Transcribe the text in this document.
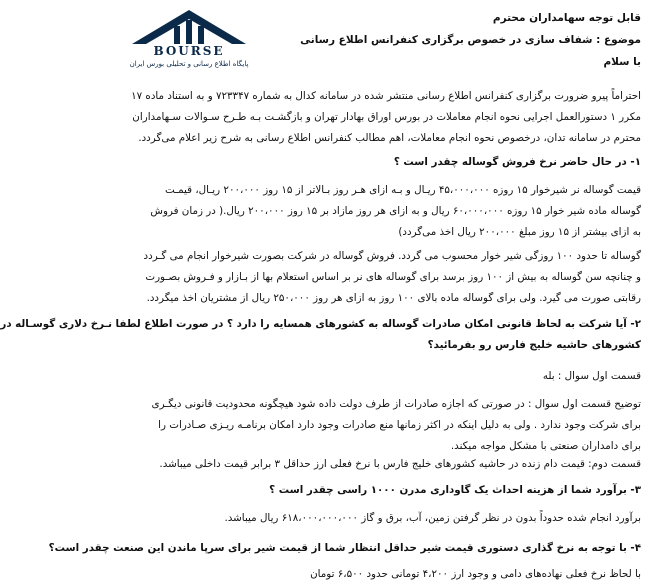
BOURSE
پایگاه اطلاع رسانی و تحلیلی بورس ایران
قابل توجه سهامداران محترم
موضوع : شفاف سازی در خصوص برگزاری کنفرانس اطلاع رسانی
با سلام
احتراماً پیرو ضرورت برگزاری کنفرانس اطلاع رسانی منتشر شده در سامانه کدال به شماره ۷۲۳۳۴۷ و به استناد ماده ۱۷
مکرر ۱ دستورالعمل اجرایی نحوه انجام معاملات در بورس اوراق بهادار تهران و بازگشـت بـه طـرح سـوالات سـهامداران
محترم در سامانه تدان، درخصوص نحوه انجام معاملات، اهم مطالب کنفرانس اطلاع رسانی به شرح زیر اعلام می‌گردد.
۱- در حال حاضر نرخ فروش گوساله چقدر است ؟
قیمت گوساله نر شیرخوار ۱۵ روزه ۴۵،۰۰۰،۰۰۰ ریـال و بـه ازای هـر روز بـالاتر از ۱۵ روز ۲۰۰،۰۰۰ ریـال، قیمـت
گوساله ماده شیر خوار ۱۵ روزه ۶۰،۰۰۰،۰۰۰ ریال و به ازای هر روز مازاد بر ۱۵ روز ۲۰۰،۰۰۰ ریال.( در زمان فروش
به ازای بیشتر از ۱۵ روز مبلغ ۲۰۰،۰۰۰ ریال اخذ می‌گردد)
گوساله تا حدود ۱۰۰ روزگی شیر خوار محسوب می گردد. فروش گوساله در شرکت بصورت شیرخوار انجام می گـردد
و چنانچه سن گوساله به بیش از ۱۰۰ روز برسد برای گوساله های نر بر اساس استعلام بها از بـازار و فـروش بصـورت
رقابتی صورت می گیرد. ولی برای گوساله ماده بالای ۱۰۰ روز به ازای هر روز ۲۵۰،۰۰۰ ریال از مشتریان اخذ میگردد.
۲- آیا شرکت به لحاظ قانونی امکان صادرات گوساله به کشورهای همسایه را دارد ؟ در صورت اطلاع لطفا نـرخ دلاری گوسـاله در
کشورهای حاشیه خلیج فارس رو بفرمائید؟
قسمت اول سوال : بله
توضیح قسمت اول سوال : در صورتی که اجازه صادرات از طرف دولت داده شود هیچگونه محدودیت قانونی دیگـری
برای شرکت وجود ندارد . ولی به دلیل اینکه در اکثر زمانها منع صادرات وجود دارد امکان برنامـه ریـزی صـادرات را
برای دامداران صنعتی با مشکل مواجه میکند.
قسمت دوم: قیمت دام زنده در حاشیه کشورهای خلیج فارس با نرخ فعلی ارز حداقل ۳ برابر قیمت داخلی میباشد.
۳- برآورد شما از هزینه احداث یک گاوداری مدرن ۱۰۰۰ راسی چقدر است ؟
برآورد انجام شده حدوداً بدون در نظر گرفتن زمین، آب، برق و گاز ۶۱۸،۰۰۰،۰۰۰،۰۰۰ ریال میباشد.
۴- با توجه به نرخ گذاری دستوری قیمت شیر حداقل انتظار شما از قیمت شیر برای سرپا ماندن این صنعت چقدر است؟
با لحاظ نرخ فعلی نهاده‌های دامی و وجود ارز ۴،۲۰۰ تومانی حدود ۶،۵۰۰ تومان
